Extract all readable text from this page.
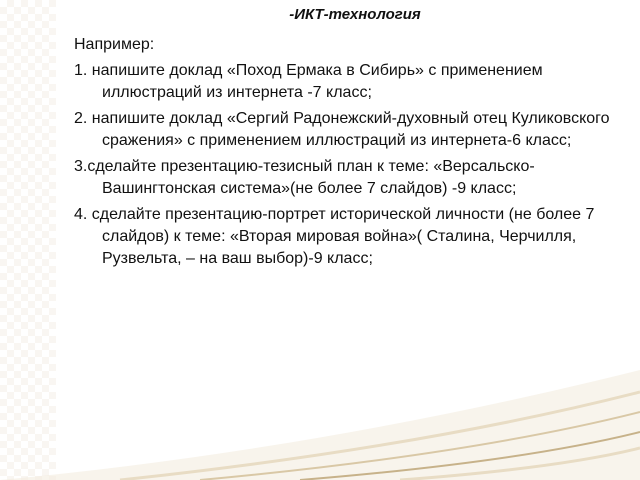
-ИКТ-технология

Например:

1. напишите доклад «Поход Ермака в Сибирь» с применением иллюстраций из интернета -7 класс;

2. напишите доклад «Сергий Радонежский-духовный отец Куликовского сражения» с применением иллюстраций из интернета-6 класс;

3.сделайте презентацию-тезисный план к теме: «Версальско-Вашингтонская система»(не более 7 слайдов) -9 класс;

4. сделайте презентацию-портрет исторической личности (не более 7 слайдов) к теме: «Вторая мировая война»( Сталина, Черчилля, Рузвельта, – на ваш выбор)-9 класс;
